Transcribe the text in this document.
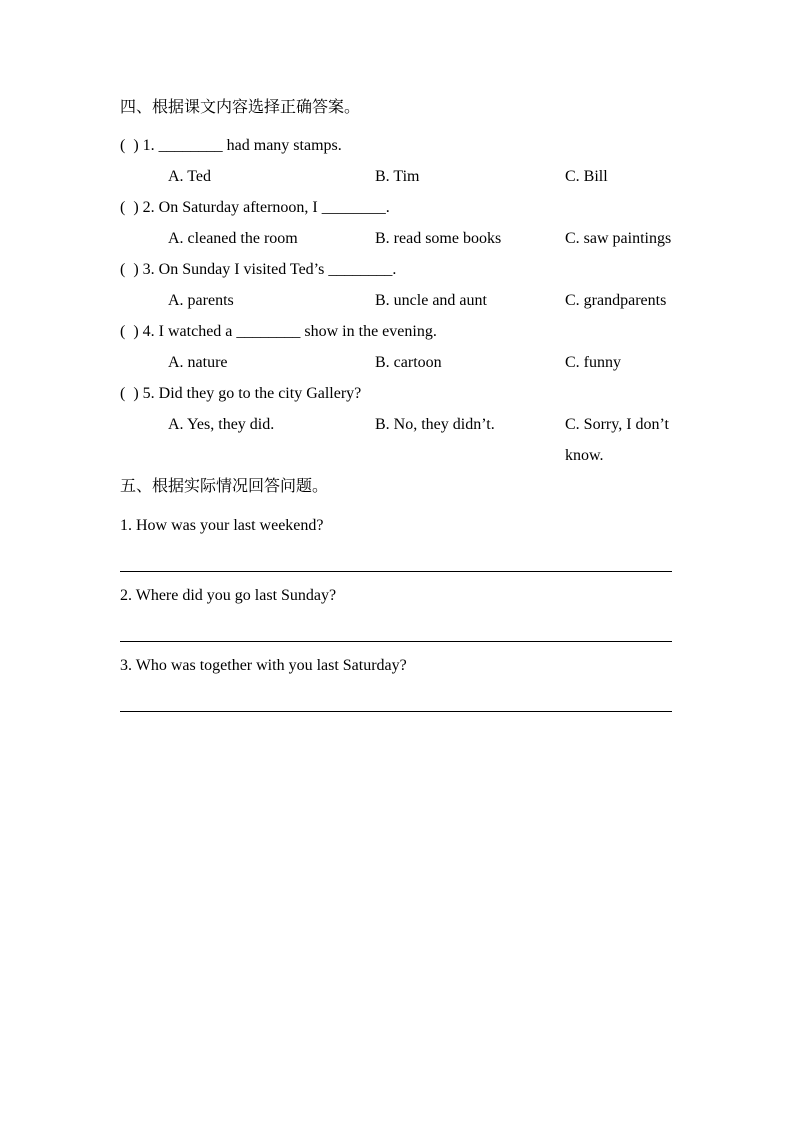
四、根据课文内容选择正确答案。
(  ) 1. ________ had many stamps.
A. Ted	B. Tim	C. Bill
(  ) 2. On Saturday afternoon, I ________.
A. cleaned the room	B. read some books	C. saw paintings
(  ) 3. On Sunday I visited Ted’s ________.
A. parents	B. uncle and aunt	C. grandparents
(  ) 4. I watched a ________ show in the evening.
A. nature	B. cartoon	C. funny
(  ) 5. Did they go to the city Gallery?
A. Yes, they did.	B. No, they didn’t.	C. Sorry, I don’t know.
五、根据实际情况回答问题。
1. How was your last weekend?
2. Where did you go last Sunday?
3. Who was together with you last Saturday?
